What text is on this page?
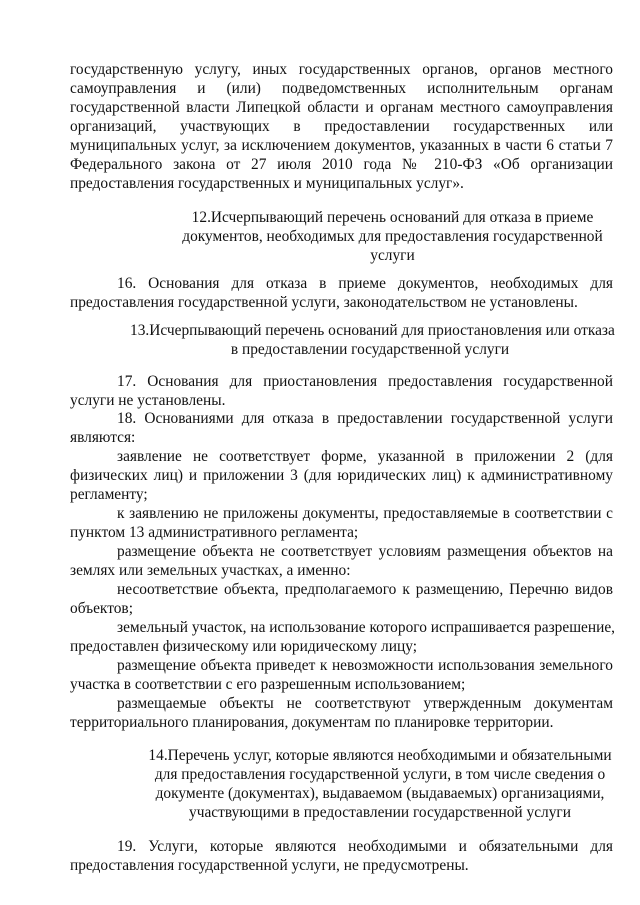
государственную услугу, иных государственных органов, органов местного

самоуправления и (или) подведомственных исполнительным органам

государственной власти Липецкой области и органам местного самоуправления

организаций, участвующих в предоставлении государственных или

муниципальных услуг, за исключением документов, указанных в части 6 статьи 7

Федерального закона от 27 июля 2010 года № 210-ФЗ «Об организации

предоставления государственных и муниципальных услуг».

12.Исчерпывающий перечень оснований для отказа в приеме

документов, необходимых для предоставления государственной

услуги

16. Основания для отказа в приеме документов, необходимых для

предоставления государственной услуги, законодательством не установлены.

13.Исчерпывающий перечень оснований для приостановления или отказа

в предоставлении государственной услуги

17. Основания для приостановления предоставления государственной

услуги не установлены.

18. Основаниями для отказа в предоставлении государственной услуги

являются:

заявление не соответствует форме, указанной в приложении 2 (для

физических лиц) и приложении 3 (для юридических лиц) к административному

регламенту;

к заявлению не приложены документы, предоставляемые в соответствии с

пунктом 13 административного регламента;

размещение объекта не соответствует условиям размещения объектов на

землях или земельных участках, а именно:

несоответствие объекта, предполагаемого к размещению, Перечню видов

объектов;

земельный участок, на использование которого испрашивается разрешение,

предоставлен физическому или юридическому лицу;

размещение объекта приведет к невозможности использования земельного

участка в соответствии с его разрешенным использованием;

размещаемые объекты не соответствуют утвержденным документам

территориального планирования, документам по планировке территории.

14.Перечень услуг, которые являются необходимыми и обязательными

для предоставления государственной услуги, в том числе сведения о

документе (документах), выдаваемом (выдаваемых) организациями,

участвующими в предоставлении государственной услуги

19. Услуги, которые являются необходимыми и обязательными для

предоставления государственной услуги, не предусмотрены.
